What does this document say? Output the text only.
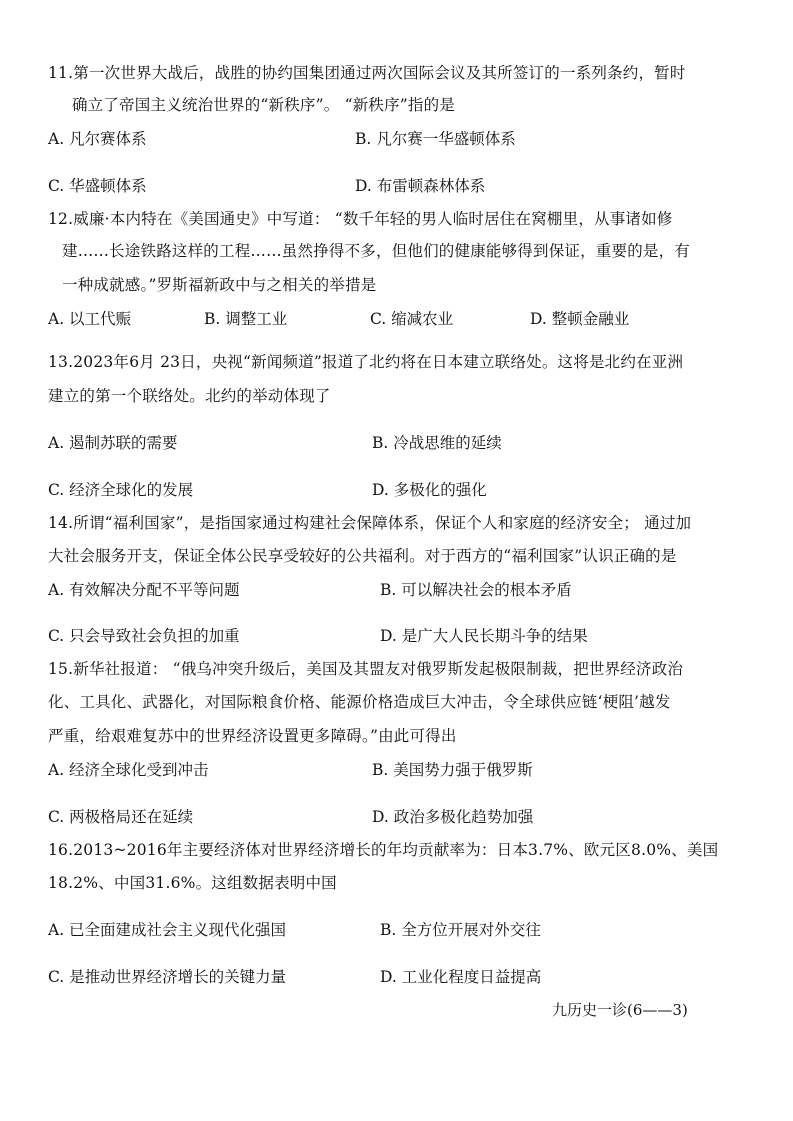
11.第一次世界大战后，战胜的协约国集团通过两次国际会议及其所签订的一系列条约，暂时
确立了帝国主义统治世界的“新秩序”。 “新秩序”指的是
A. 凡尔赛体系	B. 凡尔赛一华盛顿体系
C. 华盛顿体系	D. 布雷顿森林体系
12.威廉·本内特在《美国通史》中写道： “数千年轻的男人临时居住在窝棚里，从事诸如修
建……长途铁路这样的工程……虽然挣得不多，但他们的健康能够得到保证，重要的是，有
一种成就感。”罗斯福新政中与之相关的举措是
A. 以工代赈	B. 调整工业	C. 缩减农业	D. 整顿金融业
13.2023年6月 23日，央视“新闻频道”报道了北约将在日本建立联络处。这将是北约在亚洲
建立的第一个联络处。北约的举动体现了
A. 遏制苏联的需要	B. 冷战思维的延续
C. 经济全球化的发展	D. 多极化的强化
14.所谓“福利国家”，是指国家通过构建社会保障体系，保证个人和家庭的经济安全； 通过加
大社会服务开支，保证全体公民享受较好的公共福利。对于西方的“福利国家”认识正确的是
A. 有效解决分配不平等问题	B. 可以解决社会的根本矛盾
C. 只会导致社会负担的加重	D. 是广大人民长期斗争的结果
15.新华社报道： “俄乌冲突升级后，美国及其盟友对俄罗斯发起极限制裁，把世界经济政治
化、工具化、武器化，对国际粮食价格、能源价格造成巨大冲击，令全球供应链‘梗阻’越发
严重，给艰难复苏中的世界经济设置更多障碍。”由此可得出
A. 经济全球化受到冲击	B. 美国势力强于俄罗斯
C. 两极格局还在延续	D. 政治多极化趋势加强
16.2013~2016年主要经济体对世界经济增长的年均贡献率为：日本3.7%、欧元区8.0%、美国
18.2%、中国31.6%。这组数据表明中国
A. 已全面建成社会主义现代化强国	B. 全方位开展对外交往
C. 是推动世界经济增长的关键力量	D. 工业化程度日益提高
九历史一诊(6——3)
